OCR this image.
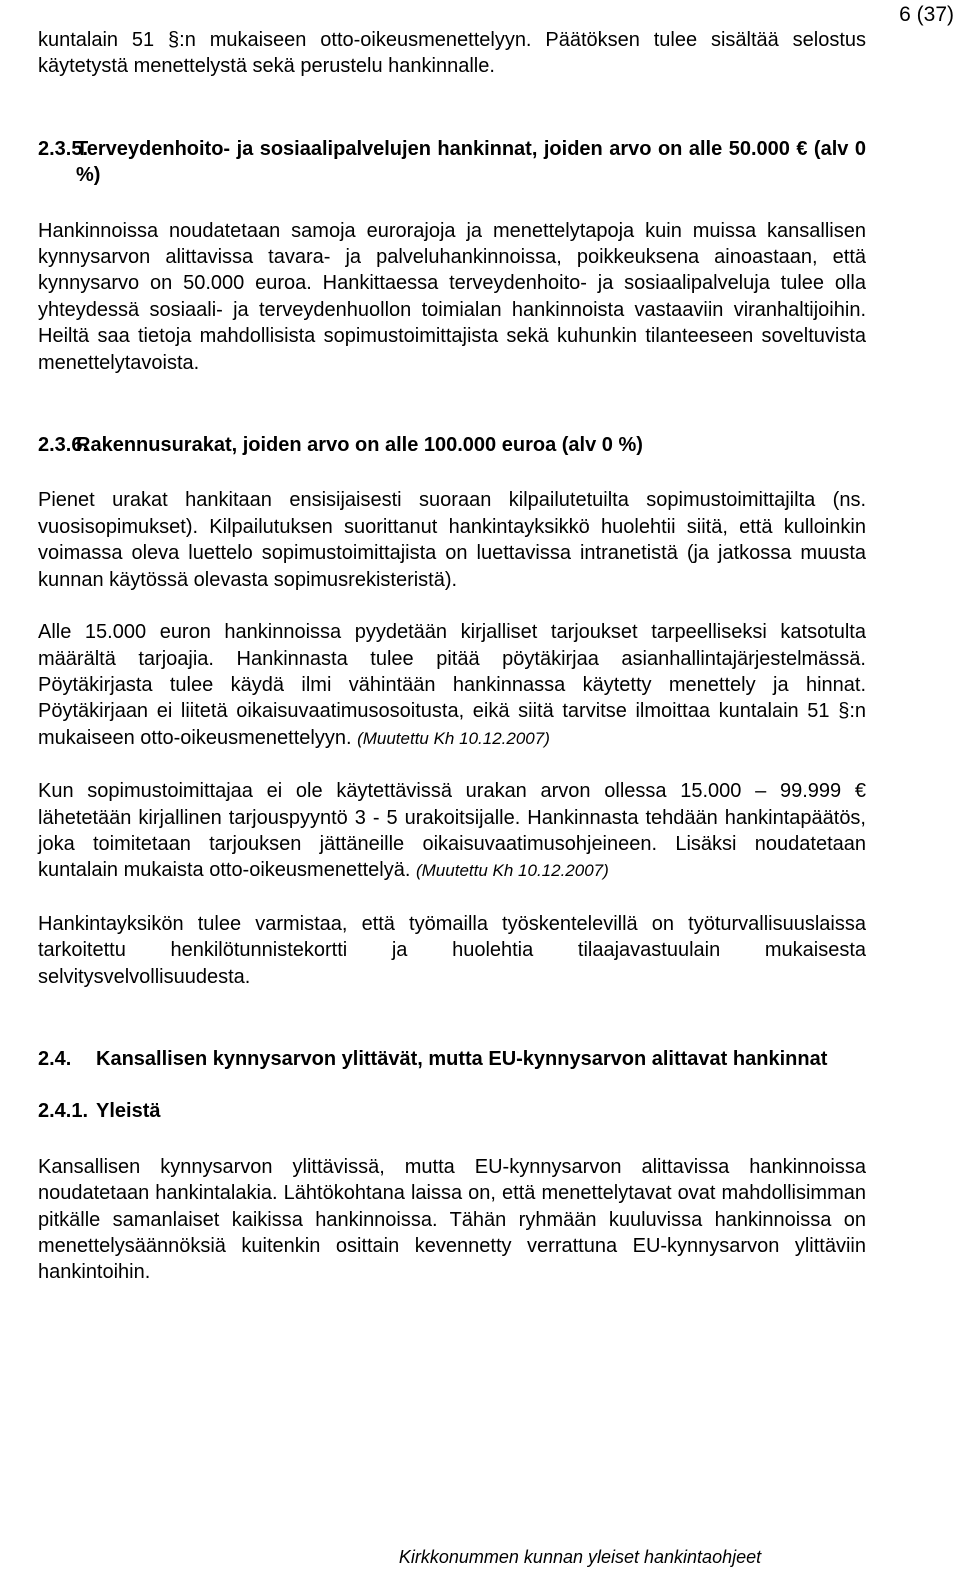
6 (37)

kuntalain 51 §:n mukaiseen otto-oikeusmenettelyyn. Päätöksen tulee sisältää selostus käytetystä menettelystä sekä perustelu hankinnalle.

2.3.5.
Terveydenhoito- ja sosiaalipalvelujen hankinnat, joiden arvo on alle 50.000 € (alv 0 %)

Hankinnoissa noudatetaan samoja eurorajoja ja menettelytapoja kuin muissa kansallisen kynnysarvon alittavissa tavara- ja palveluhankinnoissa, poikkeuksena ainoastaan, että kynnysarvo on 50.000 euroa. Hankittaessa terveydenhoito- ja sosiaalipalveluja tulee olla yhteydessä sosiaali- ja terveydenhuollon toimialan hankinnoista vastaaviin viranhaltijoihin. Heiltä saa tietoja mahdollisista sopimustoimittajista sekä kuhunkin tilanteeseen soveltuvista menettelytavoista.

2.3.6.
Rakennusurakat, joiden arvo on alle 100.000 euroa (alv 0 %)

Pienet urakat hankitaan ensisijaisesti suoraan kilpailutetuilta sopimustoimittajilta (ns. vuosisopimukset). Kilpailutuksen suorittanut hankintayksikkö huolehtii siitä, että kulloinkin voimassa oleva luettelo sopimustoimittajista on luettavissa intranetistä (ja jatkossa muusta kunnan käytössä olevasta sopimusrekisteristä).

Alle 15.000 euron hankinnoissa pyydetään kirjalliset tarjoukset tarpeelliseksi katsotulta määrältä tarjoajia. Hankinnasta tulee pitää pöytäkirjaa asianhallintajärjestelmässä. Pöytäkirjasta tulee käydä ilmi vähintään hankinnassa käytetty menettely ja hinnat. Pöytäkirjaan ei liitetä oikaisuvaatimusosoitusta, eikä siitä tarvitse ilmoittaa kuntalain 51 §:n mukaiseen otto-oikeusmenettelyyn. (Muutettu Kh 10.12.2007)

Kun sopimustoimittajaa ei ole käytettävissä urakan arvon ollessa 15.000 – 99.999 € lähetetään kirjallinen tarjouspyyntö 3 - 5 urakoitsijalle. Hankinnasta tehdään hankintapäätös, joka toimitetaan tarjouksen jättäneille oikaisuvaatimusohjeineen. Lisäksi noudatetaan kuntalain mukaista otto-oikeusmenettelyä. (Muutettu Kh 10.12.2007)

Hankintayksikön tulee varmistaa, että työmailla työskentelevillä on työturvallisuuslaissa tarkoitettu henkilötunnistekortti ja huolehtia tilaajavastuulain mukaisesta selvitysvelvollisuudesta.

2.4.	Kansallisen kynnysarvon ylittävät, mutta EU-kynnysarvon alittavat hankinnat
2.4.1. Yleistä

Kansallisen kynnysarvon ylittävissä, mutta EU-kynnysarvon alittavissa hankinnoissa noudatetaan hankintalakia. Lähtökohtana laissa on, että menettelytavat ovat mahdollisimman pitkälle samanlaiset kaikissa hankinnoissa. Tähän ryhmään kuuluvissa hankinnoissa on menettelysäännöksiä kuitenkin osittain kevennetty verrattuna EU-kynnysarvon ylittäviin hankintoihin.

Kirkkonummen kunnan yleiset hankintaohjeet
